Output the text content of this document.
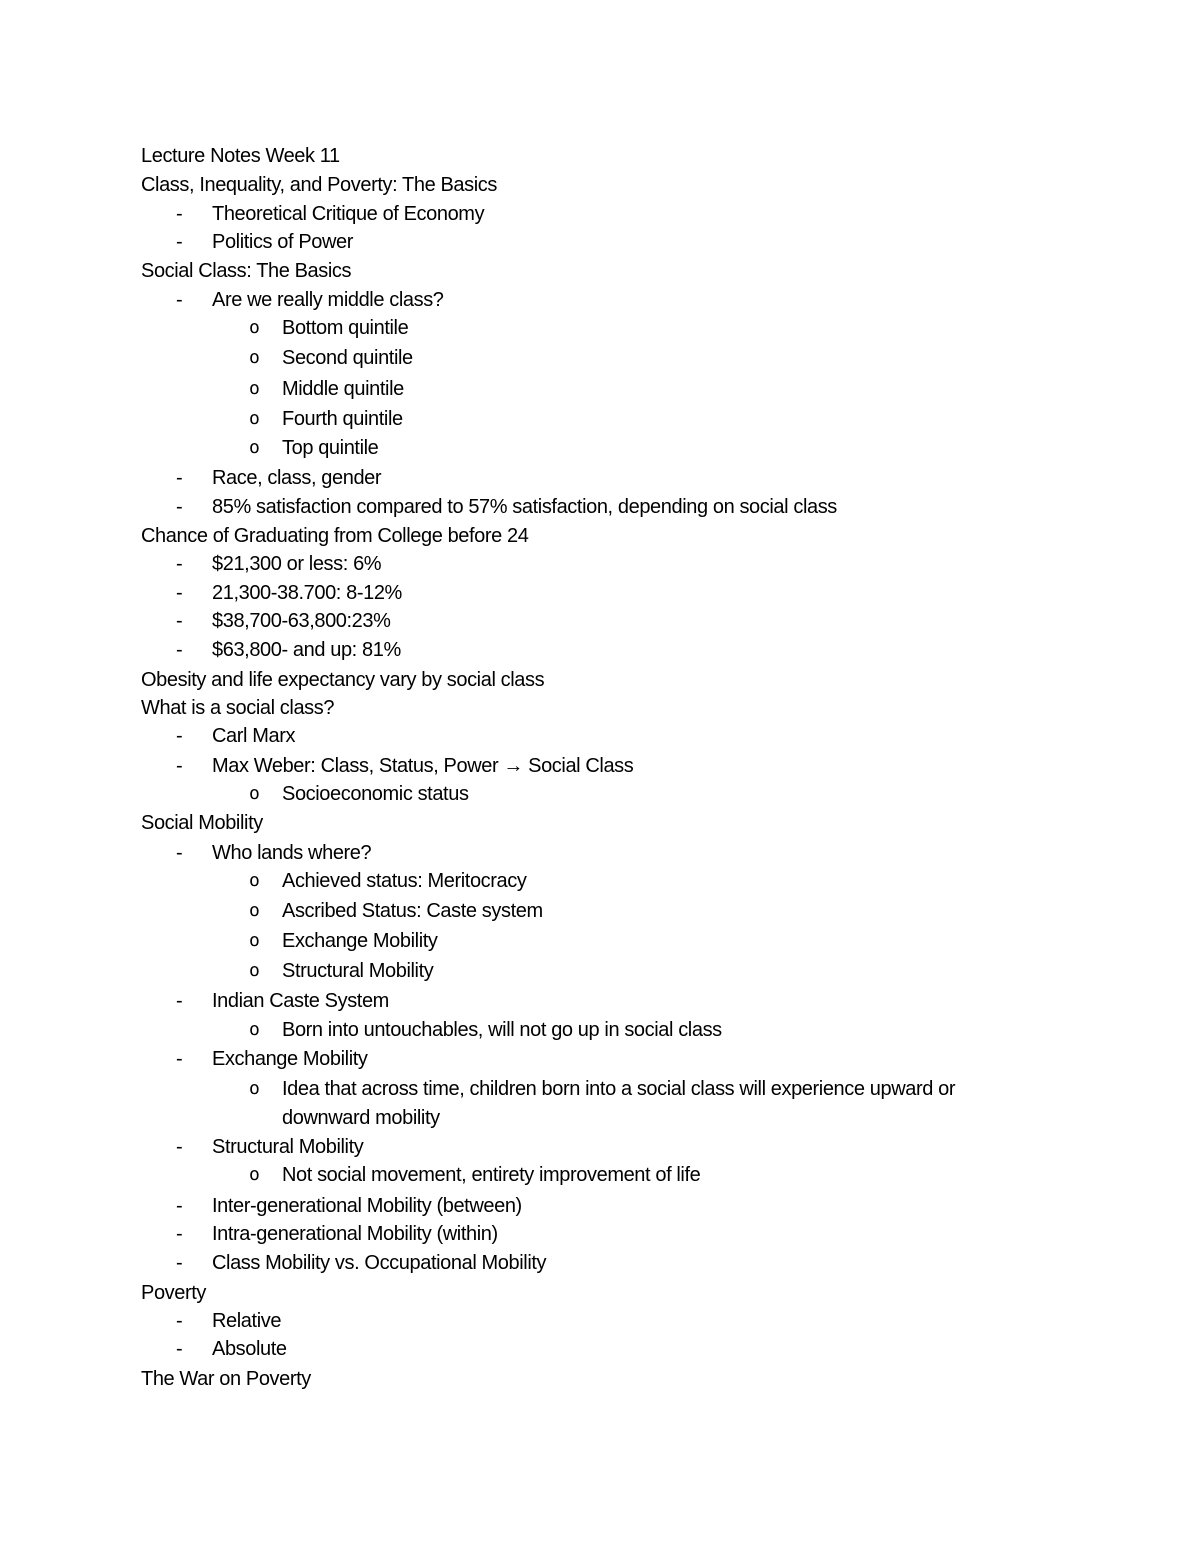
Lecture Notes Week 11
Class, Inequality, and Poverty: The Basics
- Theoretical Critique of Economy
- Politics of Power
Social Class: The Basics
- Are we really middle class?
o Bottom quintile
o Second quintile
o Middle quintile
o Fourth quintile
o Top quintile
- Race, class, gender
- 85% satisfaction compared to 57% satisfaction, depending on social class
Chance of Graduating from College before 24
- $21,300 or less: 6%
- 21,300-38.700: 8-12%
- $38,700-63,800:23%
- $63,800- and up: 81%
Obesity and life expectancy vary by social class
What is a social class?
- Carl Marx
- Max Weber: Class, Status, Power → Social Class
o Socioeconomic status
Social Mobility
- Who lands where?
o Achieved status: Meritocracy
o Ascribed Status: Caste system
o Exchange Mobility
o Structural Mobility
- Indian Caste System
o Born into untouchables, will not go up in social class
- Exchange Mobility
o Idea that across time, children born into a social class will experience upward or
downward mobility
- Structural Mobility
o Not social movement, entirety improvement of life
- Inter-generational Mobility (between)
- Intra-generational Mobility (within)
- Class Mobility vs. Occupational Mobility
Poverty
- Relative
- Absolute
The War on Poverty
